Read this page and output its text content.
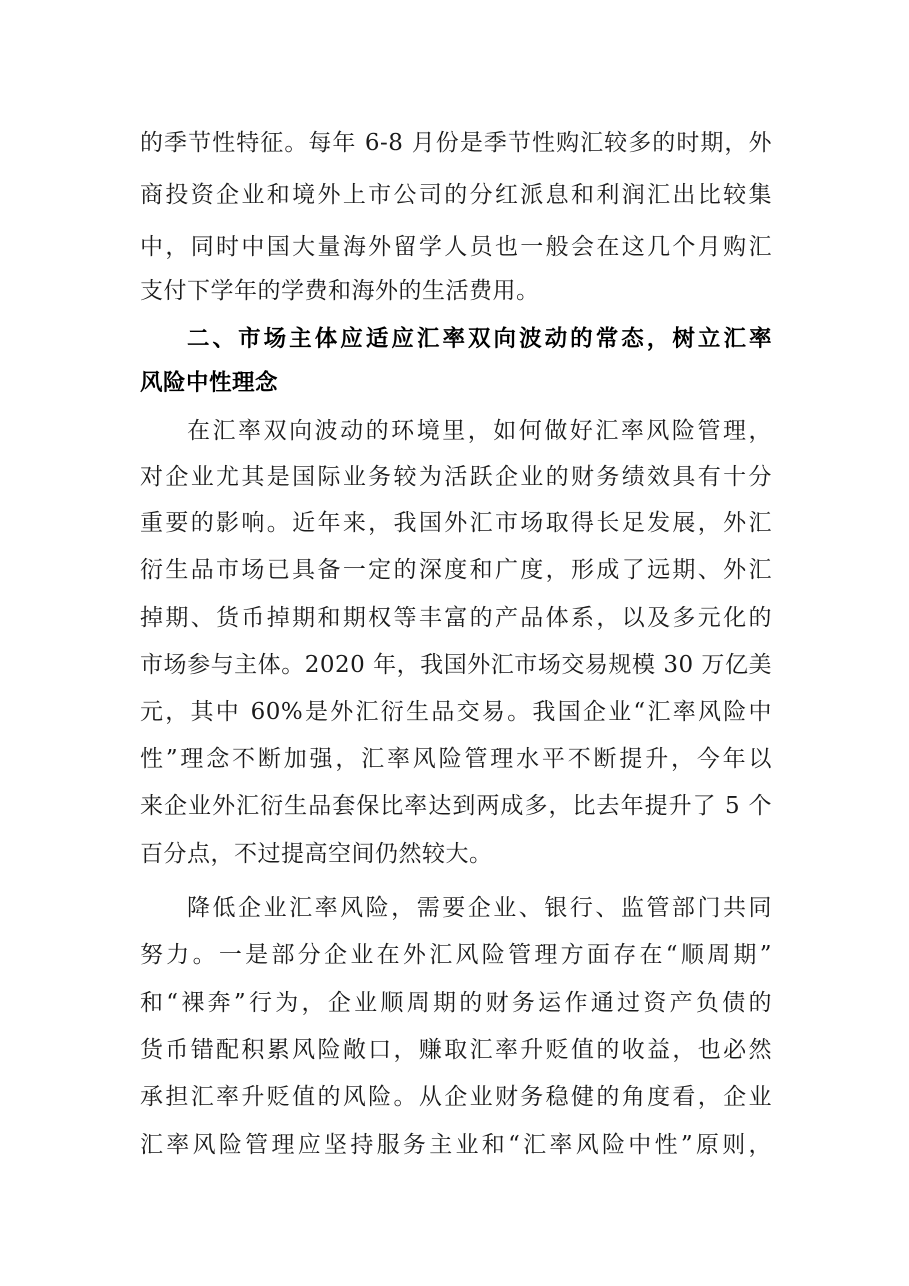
的季节性特征。每年 6-8 月份是季节性购汇较多的时期，外
商投资企业和境外上市公司的分红派息和利润汇出比较集
中，同时中国大量海外留学人员也一般会在这几个月购汇
支付下学年的学费和海外的生活费用。
二、市场主体应适应汇率双向波动的常态，树立汇率
风险中性理念
在汇率双向波动的环境里，如何做好汇率风险管理，
对企业尤其是国际业务较为活跃企业的财务绩效具有十分
重要的影响。近年来，我国外汇市场取得长足发展，外汇
衍生品市场已具备一定的深度和广度，形成了远期、外汇
掉期、货币掉期和期权等丰富的产品体系，以及多元化的
市场参与主体。2020 年，我国外汇市场交易规模 30 万亿美
元，其中 60%是外汇衍生品交易。我国企业“汇率风险中
性”理念不断加强，汇率风险管理水平不断提升，今年以
来企业外汇衍生品套保比率达到两成多，比去年提升了 5 个
百分点，不过提高空间仍然较大。
降低企业汇率风险，需要企业、银行、监管部门共同
努力。一是部分企业在外汇风险管理方面存在“顺周期”
和“裸奔”行为，企业顺周期的财务运作通过资产负债的
货币错配积累风险敞口，赚取汇率升贬值的收益，也必然
承担汇率升贬值的风险。从企业财务稳健的角度看，企业
汇率风险管理应坚持服务主业和“汇率风险中性”原则，
